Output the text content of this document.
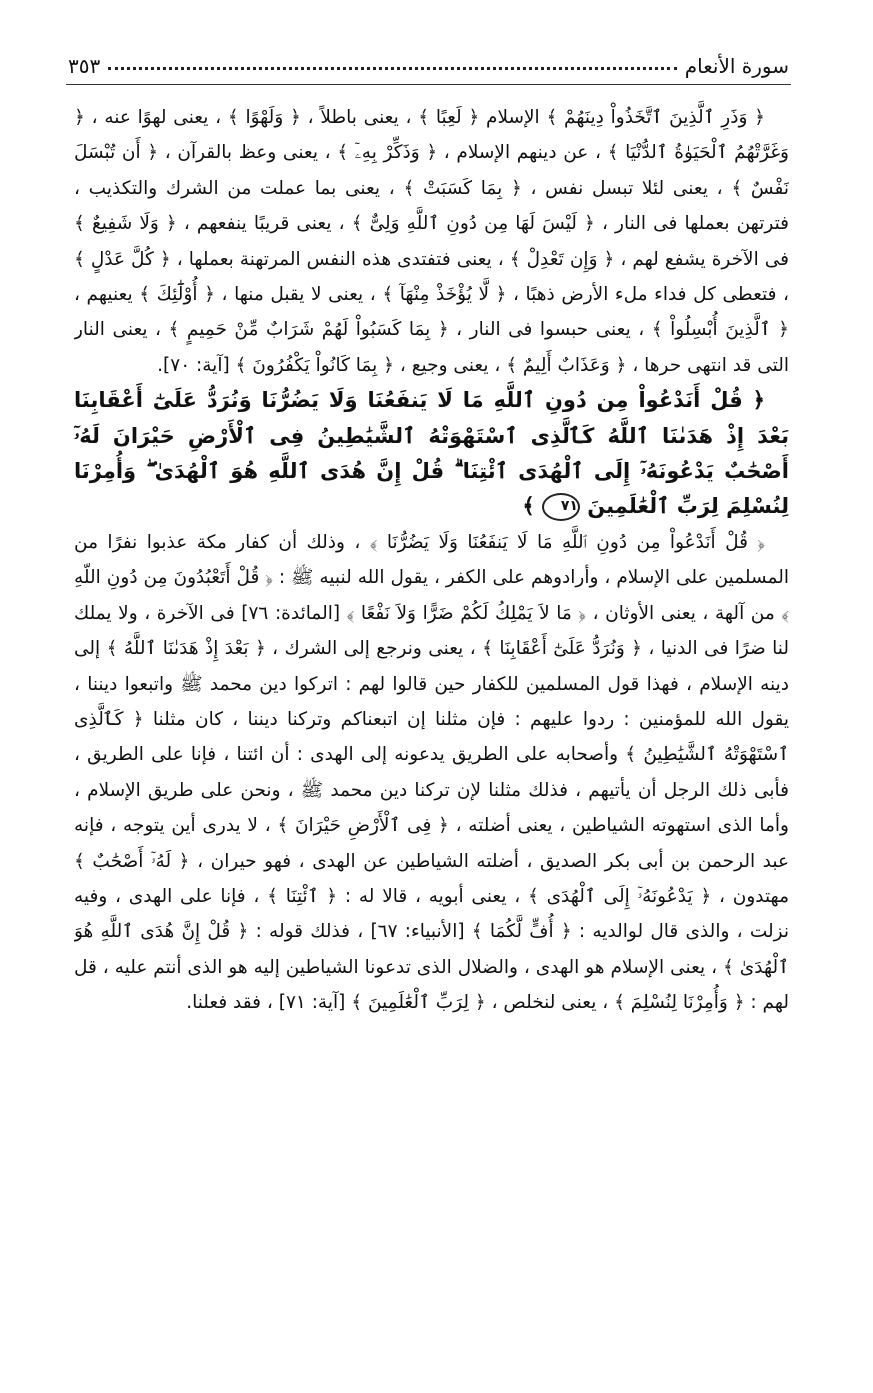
٣٥٣	سورة الأنعام

﴿ وَذَرِ ٱلَّذِينَ ٱتَّخَذُواْ دِينَهُمْ ﴾ الإسلام ﴿ لَعِبًا ﴾ ، يعنى باطلاً ، ﴿ وَلَهْوًا ﴾ ، يعنى لهوًا عنه ، ﴿ وَغَرَّتْهُمُ ٱلْحَيَوٰةُ ٱلدُّنْيَا ﴾ ، عن دينهم الإسلام ، ﴿ وَذَكِّرْ بِهِۦٓ ﴾ ، يعنى وعظ بالقرآن ، ﴿ أَن تُبْسَلَ نَفْسٌ ﴾ ، يعنى لئلا تبسل نفس ، ﴿ بِمَا كَسَبَتْ ﴾ ، يعنى بما عملت من الشرك والتكذيب ، فترتهن بعملها فى النار ، ﴿ لَيْسَ لَهَا مِن دُونِ ٱللَّهِ وَلِىٌّ ﴾ ، يعنى قريبًا ينفعهم ، ﴿ وَلَا شَفِيعٌ ﴾ فى الآخرة يشفع لهم ، ﴿ وَإِن تَعْدِلْ ﴾ ، يعنى فتفتدى هذه النفس المرتهنة بعملها ، ﴿ كُلَّ عَدْلٍ ﴾ ، فتعطى كل فداء ملء الأرض ذهبًا ، ﴿ لَّا يُؤْخَذْ مِنْهَآ ﴾ ، يعنى لا يقبل منها ، ﴿ أُوْلَٰٓئِكَ ﴾ يعنيهم ، ﴿ ٱلَّذِينَ أُبْسِلُواْ ﴾ ، يعنى حبسوا فى النار ، ﴿ بِمَا كَسَبُواْ لَهُمْ شَرَابٌ مِّنْ حَمِيمٍ ﴾ ، يعنى النار التى قد انتهى حرها ، ﴿ وَعَذَابٌ أَلِيمٌ ﴾ ، يعنى وجيع ، ﴿ بِمَا كَانُواْ يَكْفُرُونَ ﴾ [آية: ٧٠].

﴿ قُلْ أَنَدْعُواْ مِن دُونِ ٱللَّهِ مَا لَا يَنفَعُنَا وَلَا يَضُرُّنَا وَنُرَدُّ عَلَىٰٓ أَعْقَابِنَا بَعْدَ إِذْ هَدَىٰنَا ٱللَّهُ كَٱلَّذِى ٱسْتَهْوَتْهُ ٱلشَّيَٰطِينُ فِى ٱلْأَرْضِ حَيْرَانَ لَهُۥٓ أَصْحَٰبٌ يَدْعُونَهُۥٓ إِلَى ٱلْهُدَى ٱئْتِنَا ۗ قُلْ إِنَّ هُدَى ٱللَّهِ هُوَ ٱلْهُدَىٰ ۖ وَأُمِرْنَا لِنُسْلِمَ لِرَبِّ ٱلْعَٰلَمِينَ ٧١ ﴾

﴿ قُلْ أَنَدْعُواْ مِن دُونِ ٱللَّهِ مَا لَا يَنفَعُنَا وَلَا يَضُرُّنَا ﴾ ، وذلك أن كفار مكة عذبوا نفرًا من المسلمين على الإسلام ، وأرادوهم على الكفر ، يقول الله لنبيه ﷺ : ﴿ قُلْ أَتَعْبُدُونَ مِن دُونِ اللّهِ ﴾ من آلهة ، يعنى الأوثان ، ﴿ مَا لاَ يَمْلِكُ لَكُمْ ضَرًّا وَلاَ نَفْعًا ﴾ [المائدة: ٧٦] فى الآخرة ، ولا يملك لنا ضرًا فى الدنيا ، ﴿ وَنُرَدُّ عَلَىٰٓ أَعْقَابِنَا ﴾ ، يعنى ونرجع إلى الشرك ، ﴿ بَعْدَ إِذْ هَدَىٰنَا ٱللَّهُ ﴾ إلى دينه الإسلام ، فهذا قول المسلمين للكفار حين قالوا لهم : اتركوا دين محمد ﷺ واتبعوا ديننا ، يقول الله للمؤمنين : ردوا عليهم : فإن مثلنا إن اتبعناكم وتركنا ديننا ، كان مثلنا ﴿ كَٱلَّذِى ٱسْتَهْوَتْهُ ٱلشَّيَٰطِينُ ﴾ وأصحابه على الطريق يدعونه إلى الهدى : أن ائتنا ، فإنا على الطريق ، فأبى ذلك الرجل أن يأتيهم ، فذلك مثلنا لإن تركنا دين محمد ﷺ ، ونحن على طريق الإسلام ، وأما الذى استهوته الشياطين ، يعنى أضلته ، ﴿ فِى ٱلْأَرْضِ حَيْرَانَ ﴾ ، لا يدرى أين يتوجه ، فإنه عبد الرحمن بن أبى بكر الصديق ، أضلته الشياطين عن الهدى ، فهو حيران ، ﴿ لَهُۥٓ أَصْحَٰبٌ ﴾ مهتدون ، ﴿ يَدْعُونَهُۥٓ إِلَى ٱلْهُدَى ﴾ ، يعنى أبويه ، قالا له : ﴿ ٱئْتِنَا ﴾ ، فإنا على الهدى ، وفيه نزلت ، والذى قال لوالديه : ﴿ أُفٍّ لَّكُمَا ﴾ [الأنبياء: ٦٧] ، فذلك قوله : ﴿ قُلْ إِنَّ هُدَى ٱللَّهِ هُوَ ٱلْهُدَىٰ ﴾ ، يعنى الإسلام هو الهدى ، والضلال الذى تدعونا الشياطين إليه هو الذى أنتم عليه ، قل لهم : ﴿ وَأُمِرْنَا لِنُسْلِمَ ﴾ ، يعنى لنخلص ، ﴿ لِرَبِّ ٱلْعَٰلَمِينَ ﴾ [آية: ٧١] ، فقد فعلنا.
